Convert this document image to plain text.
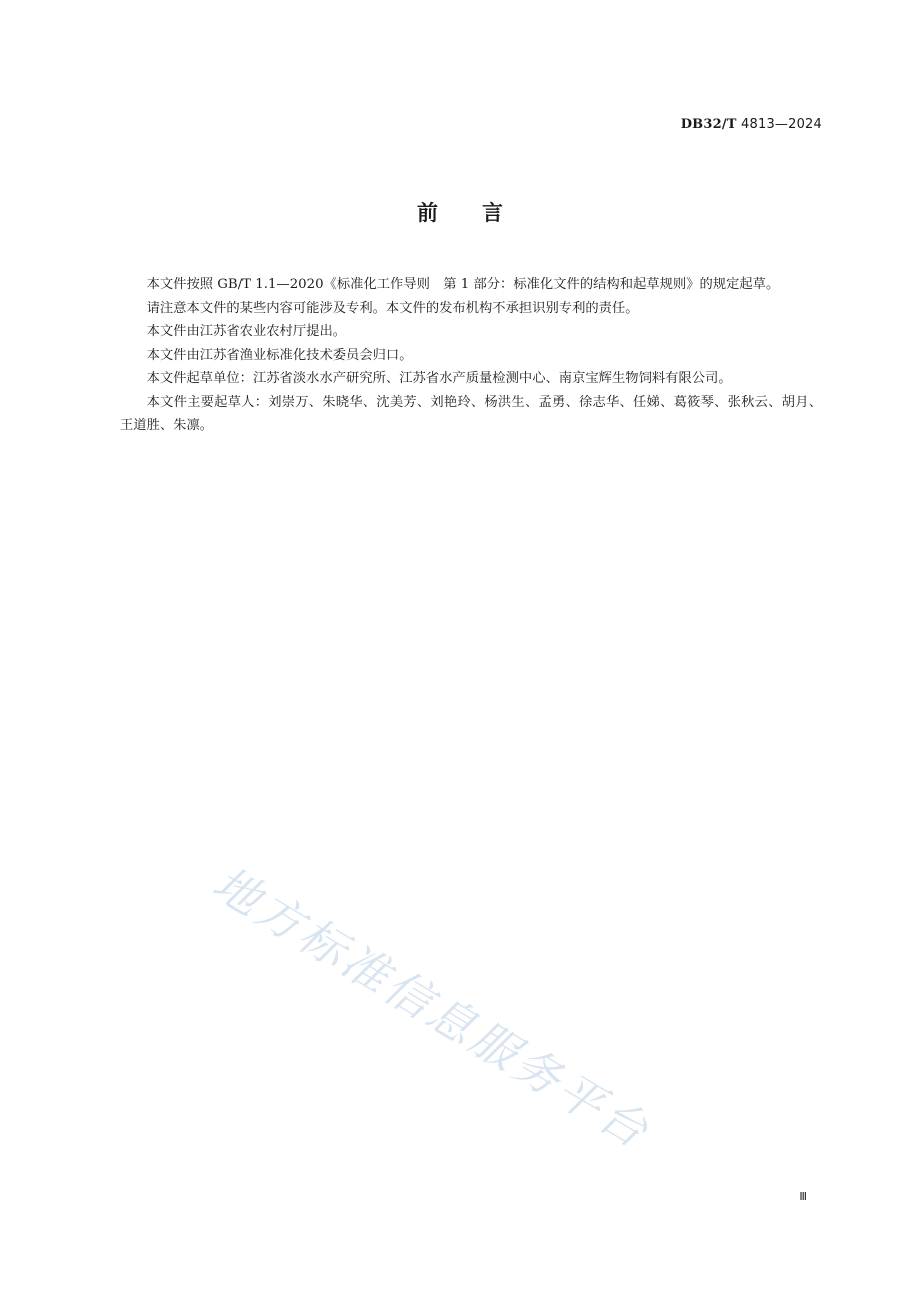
DB32/T 4813—2024
前 言

本文件按照 GB/T 1.1—2020《标准化工作导则　第 1 部分：标准化文件的结构和起草规则》的规定起草。

请注意本文件的某些内容可能涉及专利。本文件的发布机构不承担识别专利的责任。

本文件由江苏省农业农村厅提出。

本文件由江苏省渔业标准化技术委员会归口。

本文件起草单位：江苏省淡水水产研究所、江苏省水产质量检测中心、南京宝辉生物饲料有限公司。

本文件主要起草人：刘崇万、朱晓华、沈美芳、刘艳玲、杨洪生、孟勇、徐志华、任娣、葛筱琴、张秋云、胡月、王道胜、朱凛。

地方标准信息服务平台
Ⅲ
